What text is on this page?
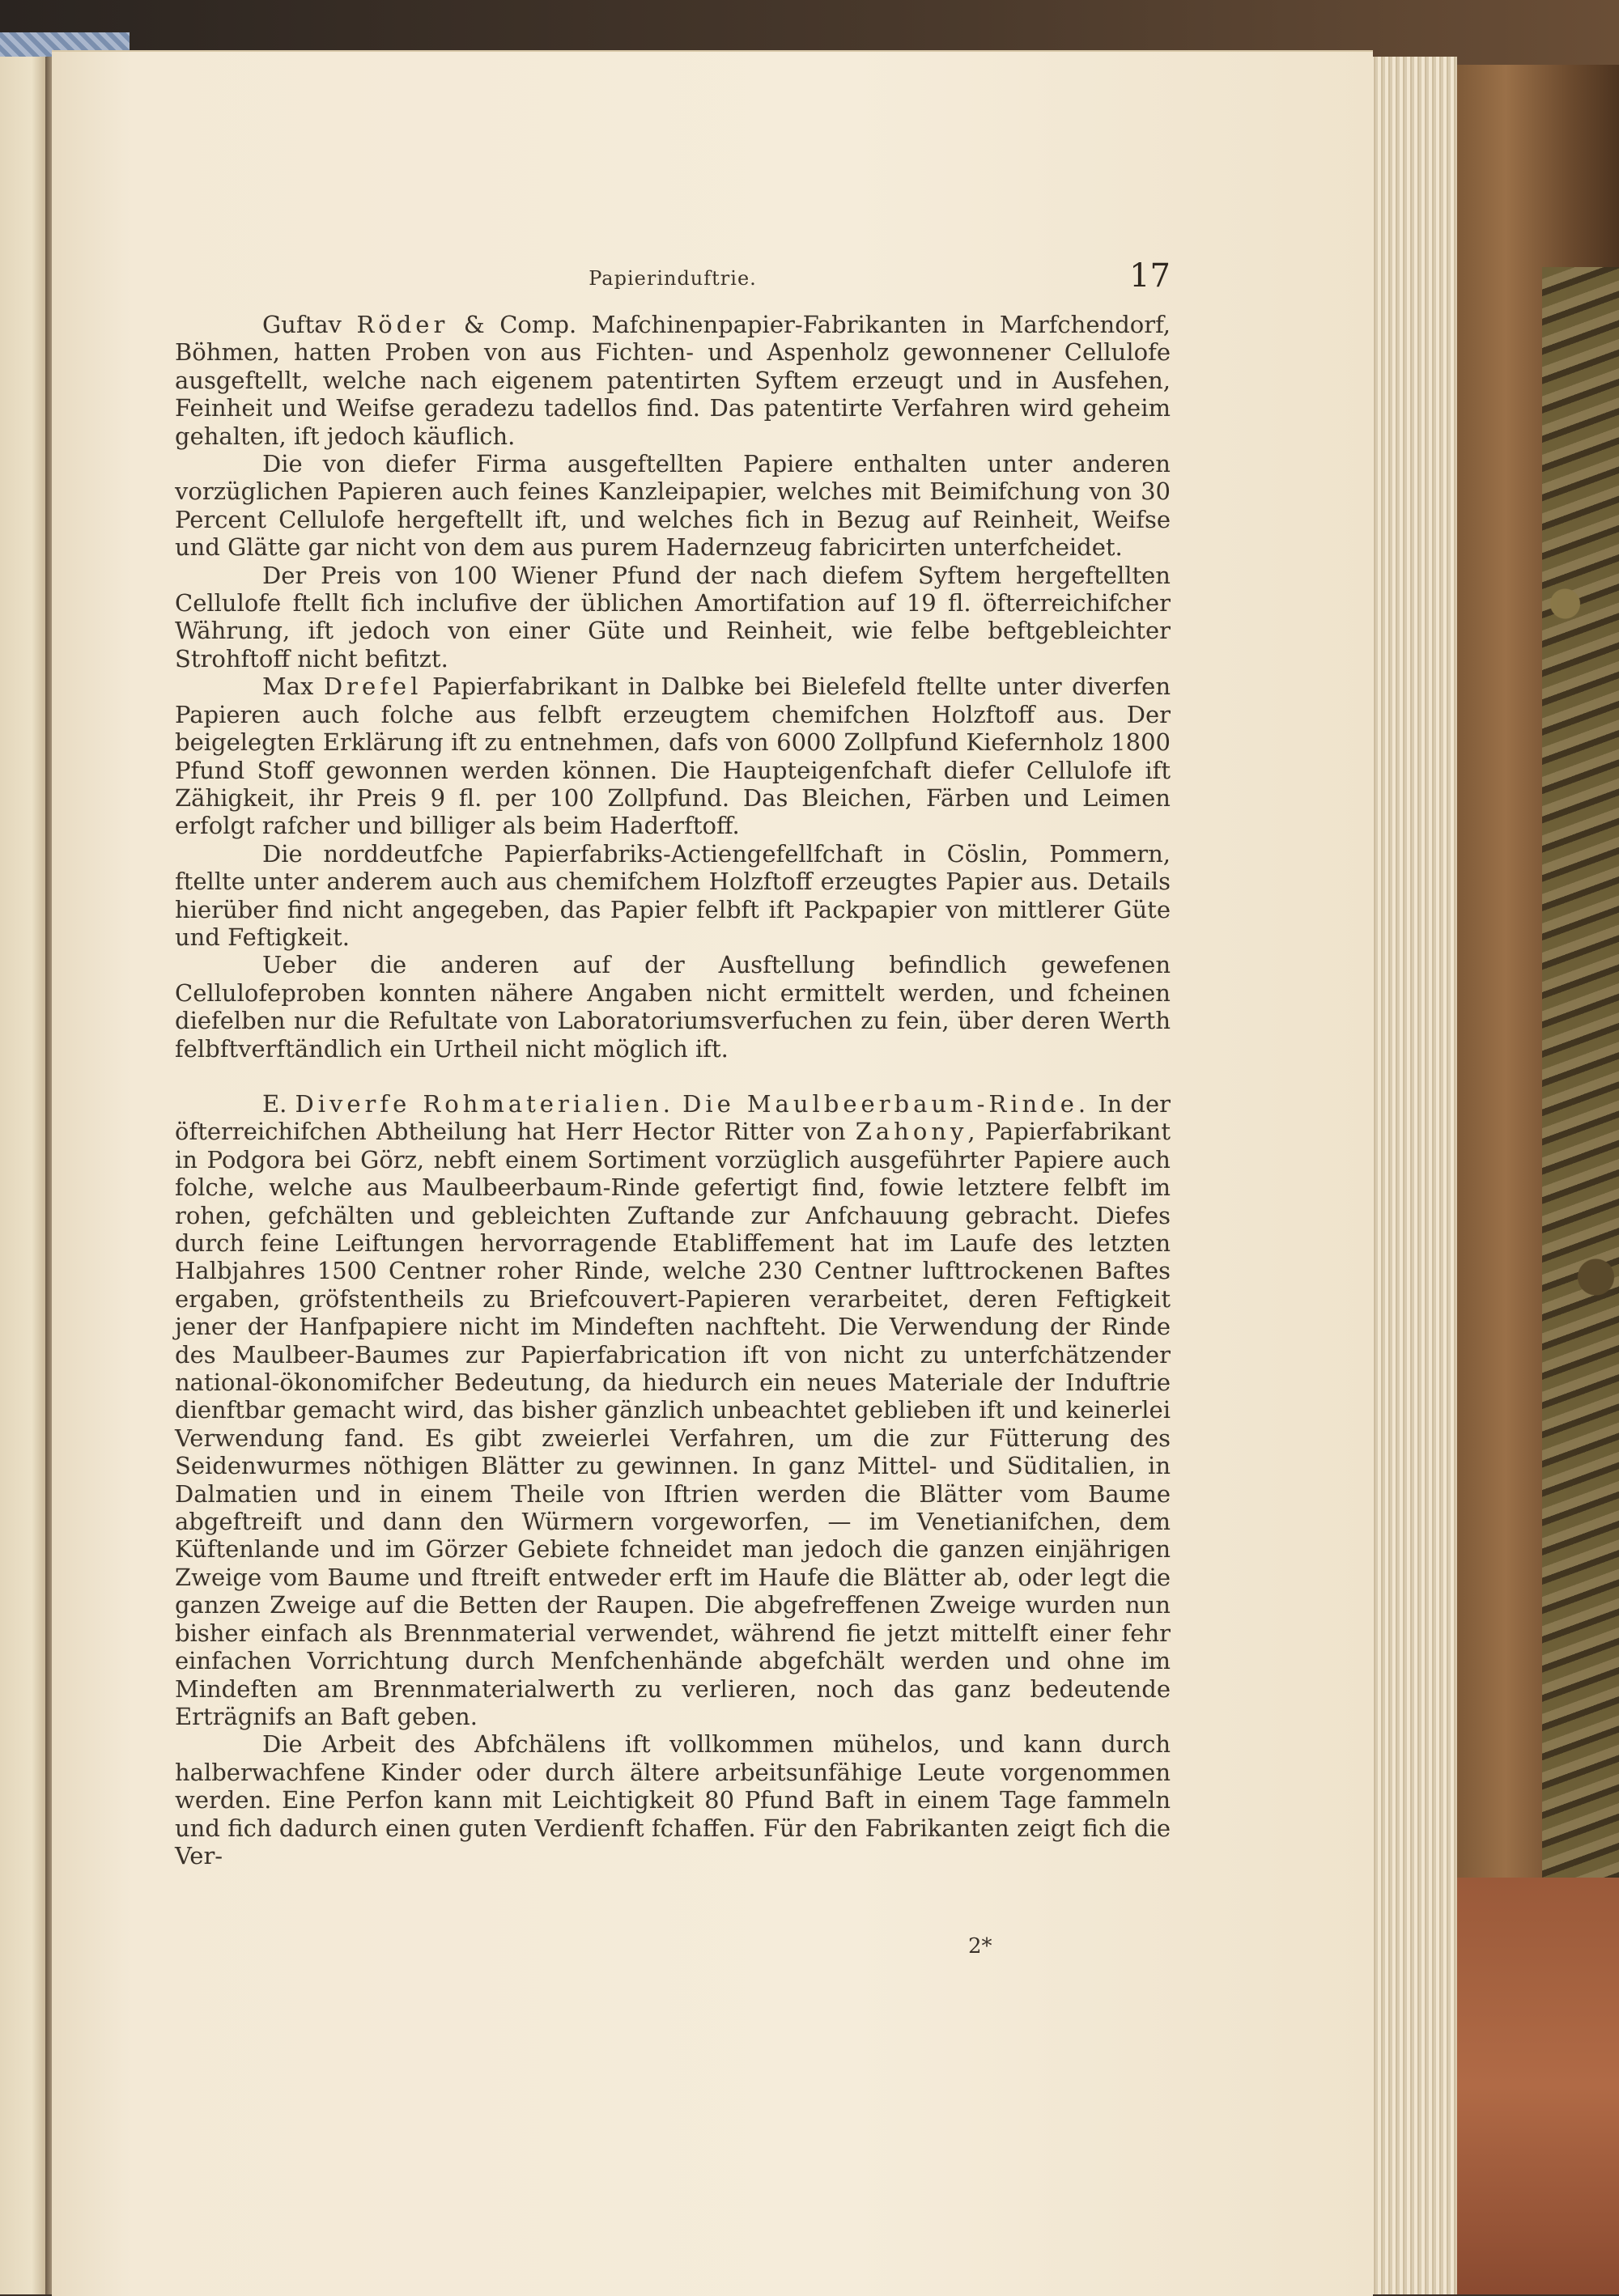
Papierinduftrie.	17

Guftav Röder & Comp. Mafchinenpapier-Fabrikanten in Marfchendorf, Böhmen, hatten Proben von aus Fichten- und Aspenholz gewonnener Cellulofe ausgeftellt, welche nach eigenem patentirten Syftem erzeugt und in Ausfehen, Feinheit und Weifse geradezu tadellos find. Das patentirte Verfahren wird geheim gehalten, ift jedoch käuflich.

Die von diefer Firma ausgeftellten Papiere enthalten unter anderen vorzüglichen Papieren auch feines Kanzleipapier, welches mit Beimifchung von 30 Percent Cellulofe hergeftellt ift, und welches fich in Bezug auf Reinheit, Weifse und Glätte gar nicht von dem aus purem Hadernzeug fabricirten unterfcheidet.

Der Preis von 100 Wiener Pfund der nach diefem Syftem hergeftellten Cellulofe ftellt fich inclufive der üblichen Amortifation auf 19 fl. öfterreichifcher Währung, ift jedoch von einer Güte und Reinheit, wie felbe beftgebleichter Strohftoff nicht befitzt.

Max Drefel Papierfabrikant in Dalbke bei Bielefeld ftellte unter diverfen Papieren auch folche aus felbft erzeugtem chemifchen Holzftoff aus. Der beigelegten Erklärung ift zu entnehmen, dafs von 6000 Zollpfund Kiefernholz 1800 Pfund Stoff gewonnen werden können. Die Haupteigenfchaft diefer Cellulofe ift Zähigkeit, ihr Preis 9 fl. per 100 Zollpfund. Das Bleichen, Färben und Leimen erfolgt rafcher und billiger als beim Haderftoff.

Die norddeutfche Papierfabriks-Actiengefellfchaft in Cöslin, Pommern, ftellte unter anderem auch aus chemifchem Holzftoff erzeugtes Papier aus. Details hierüber find nicht angegeben, das Papier felbft ift Packpapier von mittlerer Güte und Feftigkeit.

Ueber die anderen auf der Ausftellung befindlich gewefenen Cellulofeproben konnten nähere Angaben nicht ermittelt werden, und fcheinen diefelben nur die Refultate von Laboratoriumsverfuchen zu fein, über deren Werth felbftverftändlich ein Urtheil nicht möglich ift.

E. Diverfe Rohmaterialien. Die Maulbeerbaum-Rinde. In der öfterreichifchen Abtheilung hat Herr Hector Ritter von Zahony, Papierfabrikant in Podgora bei Görz, nebft einem Sortiment vorzüglich ausgeführter Papiere auch folche, welche aus Maulbeerbaum-Rinde gefertigt find, fowie letztere felbft im rohen, gefchälten und gebleichten Zuftande zur Anfchauung gebracht. Diefes durch feine Leiftungen hervorragende Etabliffement hat im Laufe des letzten Halbjahres 1500 Centner roher Rinde, welche 230 Centner lufttrockenen Baftes ergaben, gröfstentheils zu Briefcouvert-Papieren verarbeitet, deren Feftigkeit jener der Hanfpapiere nicht im Mindeften nachfteht. Die Verwendung der Rinde des Maulbeer-Baumes zur Papierfabrication ift von nicht zu unterfchätzender national-ökonomifcher Bedeutung, da hiedurch ein neues Materiale der Induftrie dienftbar gemacht wird, das bisher gänzlich unbeachtet geblieben ift und keinerlei Verwendung fand. Es gibt zweierlei Verfahren, um die zur Fütterung des Seidenwurmes nöthigen Blätter zu gewinnen. In ganz Mittel- und Süditalien, in Dalmatien und in einem Theile von Iftrien werden die Blätter vom Baume abgeftreift und dann den Würmern vorgeworfen, — im Venetianifchen, dem Küftenlande und im Görzer Gebiete fchneidet man jedoch die ganzen einjährigen Zweige vom Baume und ftreift entweder erft im Haufe die Blätter ab, oder legt die ganzen Zweige auf die Betten der Raupen. Die abgefreffenen Zweige wurden nun bisher einfach als Brennmaterial verwendet, während fie jetzt mittelft einer fehr einfachen Vorrichtung durch Menfchenhände abgefchält werden und ohne im Mindeften am Brennmaterialwerth zu verlieren, noch das ganz bedeutende Erträgnifs an Baft geben.

Die Arbeit des Abfchälens ift vollkommen mühelos, und kann durch halberwachfene Kinder oder durch ältere arbeitsunfähige Leute vorgenommen werden. Eine Perfon kann mit Leichtigkeit 80 Pfund Baft in einem Tage fammeln und fich dadurch einen guten Verdienft fchaffen. Für den Fabrikanten zeigt fich die Ver-

2*
